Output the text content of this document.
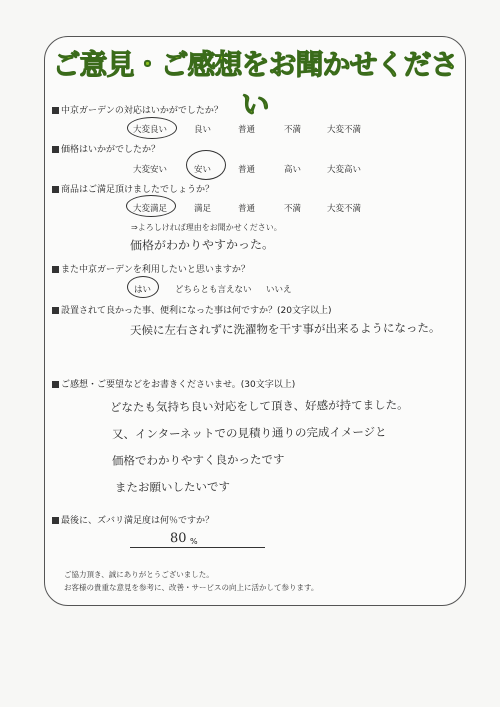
ご意見・ご感想をお聞かせください
中京ガーデンの対応はいかがでしたか？
大変良い	良い	普通	不満	大変不満
価格はいかがでしたか？
大変安い	安い	普通	高い	大変高い
商品はご満足頂けましたでしょうか？
大変満足	満足	普通	不満	大変不満
⇒よろしければ理由をお聞かせください。
価格がわかりやすかった。
また中京ガーデンを利用したいと思いますか？
はい	どちらとも言えない いいえ
設置されて良かった事、便利になった事は何ですか？(20文字以上)
天候に左右されずに洗濯物を干す事が出来るようになった。
ご感想・ご要望などをお書きくださいませ。(30文字以上)
どなたも気持ち良い対応をして頂き、好感が持てました。
又、インターネットでの見積り通りの完成イメージと
価格でわかりやすく良かったです
またお願いしたいです
最後に、ズバリ満足度は何％ですか？
80 %
ご協力頂き、誠にありがとうございました。
お客様の貴重な意見を参考に、改善・サービスの向上に活かして参ります。
